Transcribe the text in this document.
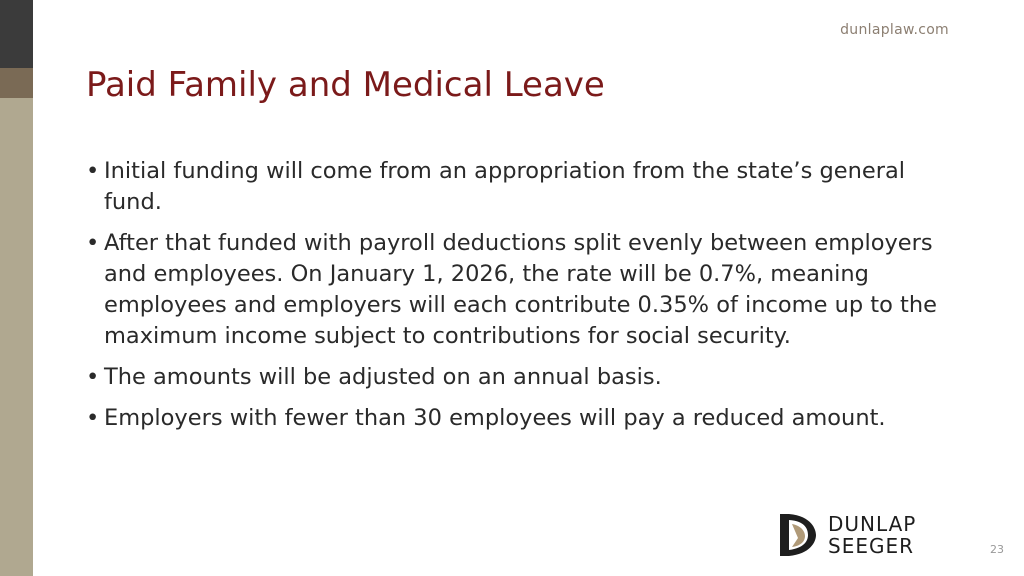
dunlaplaw.com
Paid Family and Medical Leave
• Initial funding will come from an appropriation from the state’s general fund.
• After that funded with payroll deductions split evenly between employers and employees. On January 1, 2026, the rate will be 0.7%, meaning employees and employers will each contribute 0.35% of income up to the maximum income subject to contributions for social security.
• The amounts will be adjusted on an annual basis.
• Employers with fewer than 30 employees will pay a reduced amount.
DUNLAP
SEEGER	23
